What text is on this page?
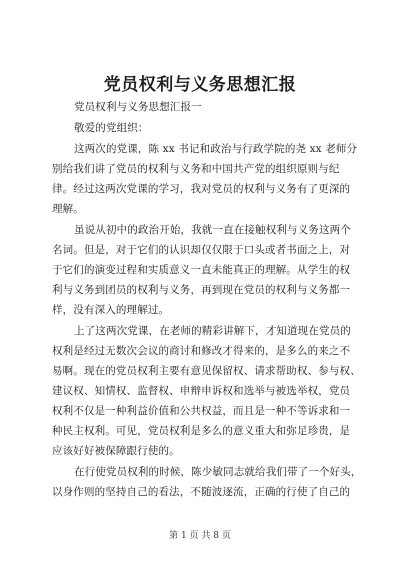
党员权利与义务思想汇报
党员权利与义务思想汇报一
敬爱的党组织：
这两次的党课，陈 xx 书记和政治与行政学院的尧 xx 老师分
别给我们讲了党员的权利与义务和中国共产党的组织原则与纪
律。经过这两次党课的学习，我对党员的权利与义务有了更深的
理解。
虽说从初中的政治开始，我就一直在接触权利与义务这两个
名词。但是，对于它们的认识却仅仅限于口头或者书面之上，对
于它们的演变过程和实质意义一直未能真正的理解。从学生的权
利与义务到团员的权利与义务，再到现在党员的权利与义务都一
样，没有深入的理解过。
上了这两次党课，在老师的精彩讲解下，才知道现在党员的
权利是经过无数次会议的商讨和修改才得来的，是多么的来之不
易啊。现在的党员权利主要有意见保留权、请求帮助权、参与权、
建议权、知情权、监督权、申辩申诉权和选举与被选举权，党员
权利不仅是一种利益价值和公共权益，而且是一种不等诉求和一
种民主权利。可见，党员权利是多么的意义重大和弥足珍贵，是
应该好好被保障跟行使的。
在行使党员权利的时候，陈少敏同志就给我们带了一个好头，
以身作则的坚持自己的看法，不随波逐流，正确的行使了自己的
第 1 页 共 8 页
